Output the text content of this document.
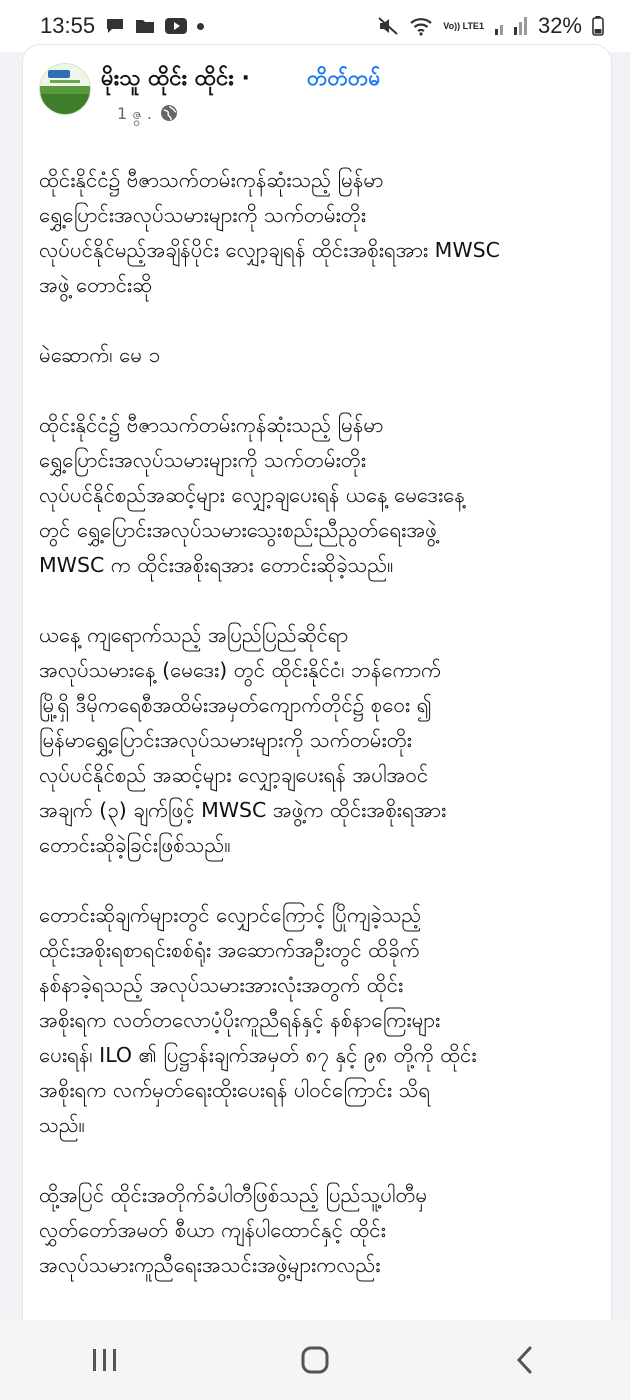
13:55	Vo)) LTE1 32%
မိုးသူ ထိုင်း ထိုင်း ·	တိတ်တမ်
1 ဇွ .

ထိုင်းနိုင်ငံ၌ ဗီဇာသက်တမ်းကုန်ဆုံးသည့် မြန်မာ
ရွှေ့ပြောင်းအလုပ်သမားများကို သက်တမ်းတိုး
လုပ်ပင်နိုင်မည့်အချိန်ပိုင်း လျှော့ချရန် ထိုင်းအစိုးရအား MWSC
အဖွဲ့ တောင်းဆို

မဲဆောက်၊ မေ ၁

ထိုင်းနိုင်ငံ၌ ဗီဇာသက်တမ်းကုန်ဆုံးသည့် မြန်မာ
ရွှေ့ပြောင်းအလုပ်သမားများကို သက်တမ်းတိုး
လုပ်ပင်နိုင်စည်အဆင့်များ လျှော့ချပေးရန် ယနေ့ မေဒေးနေ့
တွင် ရွှေ့ပြောင်းအလုပ်သမားသွေးစည်းညီညွတ်ရေးအဖွဲ့
MWSC က ထိုင်းအစိုးရအား တောင်းဆိုခဲ့သည်။

ယနေ့ ကျရောက်သည့် အပြည်ပြည်ဆိုင်ရာ
အလုပ်သမားနေ့ (မေဒေး) တွင် ထိုင်းနိုင်ငံ၊ ဘန်ကောက်
မြို့ရှိ ဒီမိုကရေစီအထိမ်းအမှတ်ကျောက်တိုင်၌ စုဝေး ၍
မြန်မာရွှေ့ပြောင်းအလုပ်သမားများကို သက်တမ်းတိုး
လုပ်ပင်နိုင်စည် အဆင့်များ လျှော့ချပေးရန် အပါအဝင်
အချက် (၃) ချက်ဖြင့် MWSC အဖွဲ့က ထိုင်းအစိုးရအား
တောင်းဆိုခဲ့ခြင်းဖြစ်သည်။

တောင်းဆိုချက်များတွင် လျှောင်ကြောင့် ပြိုကျခဲ့သည့်
ထိုင်းအစိုးရစာရင်းစစ်ရုံး အဆောက်အဦးတွင် ထိခိုက်
နစ်နာခဲ့ရသည့် အလုပ်သမားအားလုံးအတွက် ထိုင်း
အစိုးရက လတ်တလောပံ့ပိုးကူညီရန်နှင့် နစ်နာကြေးများ
ပေးရန်၊ ILO ၏ ပြဋ္ဌာန်းချက်အမှတ် ၈၇ နှင့် ၉၈ တို့ကို ထိုင်း
အစိုးရက လက်မှတ်ရေးထိုးပေးရန် ပါဝင်ကြောင်း သိရ
သည်။

ထို့အပြင် ထိုင်းအတိုက်ခံပါတီဖြစ်သည့် ပြည်သူ့ပါတီမှ
လွှတ်တော်အမတ် စီယာ ကျန်ပါထောင်နှင့် ထိုင်း
အလုပ်သမားကူညီရေးအသင်းအဖွဲ့များကလည်း
